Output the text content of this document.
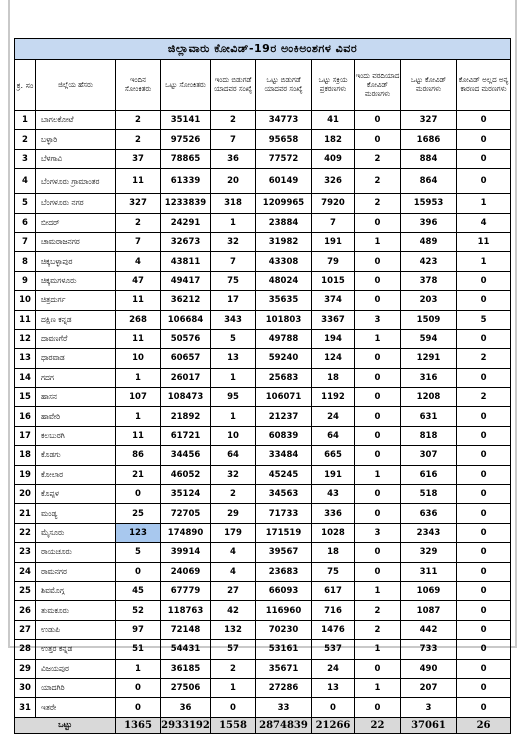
ಜಿಲ್ಲಾವಾರು ಕೋವಿಡ್-19ರ ಅಂಕಿಅಂಶಗಳ ವಿವರ									
ಕ್ರ. ಸಂ	ಜಿಲ್ಲೆಯ ಹೆಸರು	ಇಂದಿನ ಸೋಂಕಿತರು	ಒಟ್ಟು ಸೋಂಕಿತರು	ಇಂದು ಬಿಡುಗಡೆ ಯಾದವರ ಸಂಖ್ಯೆ	ಒಟ್ಟು ಬಿಡುಗಡೆ ಯಾದವರ ಸಂಖ್ಯೆ	ಒಟ್ಟು ಸಕ್ರಿಯ ಪ್ರಕರಣಗಳು	ಇಂದು ವರದಿಯಾದ ಕೋವಿಡ್ ಮರಣಗಳು	ಒಟ್ಟು ಕೋವಿಡ್ ಮರಣಗಳು	ಕೋವಿಡ್ ಅಲ್ಲದ ಅನ್ಯ ಕಾರಣದ ಮರಣಗಳು
1	ಬಾಗಲಕೋಟೆ	2	35141	2	34773	41	0	327	0
2	ಬಳ್ಳಾರಿ	2	97526	7	95658	182	0	1686	0
3	ಬೆಳಗಾವಿ	37	78865	36	77572	409	2	884	0
4	ಬೆಂಗಳೂರು ಗ್ರಾಮಾಂತರ	11	61339	20	60149	326	2	864	0
5	ಬೆಂಗಳೂರು ನಗರ	327	1233839	318	1209965	7920	2	15953	1
6	ಬೀದರ್	2	24291	1	23884	7	0	396	4
7	ಚಾಮರಾಜನಗರ	7	32673	32	31982	191	1	489	11
8	ಚಿಕ್ಕಬಳ್ಳಾಪುರ	4	43811	7	43308	79	0	423	1
9	ಚಿಕ್ಕಮಗಳೂರು	47	49417	75	48024	1015	0	378	0
10	ಚಿತ್ರದುರ್ಗ	11	36212	17	35635	374	0	203	0
11	ದಕ್ಷಿಣ ಕನ್ನಡ	268	106684	343	101803	3367	3	1509	5
12	ದಾವಣಗೆರೆ	11	50576	5	49788	194	1	594	0
13	ಧಾರವಾಡ	10	60657	13	59240	124	0	1291	2
14	ಗದಗ	1	26017	1	25683	18	0	316	0
15	ಹಾಸನ	107	108473	95	106071	1192	0	1208	2
16	ಹಾವೇರಿ	1	21892	1	21237	24	0	631	0
17	ಕಲಬುರಗಿ	11	61721	10	60839	64	0	818	0
18	ಕೊಡಗು	86	34456	64	33484	665	0	307	0
19	ಕೋಲಾರ	21	46052	32	45245	191	1	616	0
20	ಕೊಪ್ಪಳ	0	35124	2	34563	43	0	518	0
21	ಮಂಡ್ಯ	25	72705	29	71733	336	0	636	0
22	ಮೈಸೂರು	123	174890	179	171519	1028	3	2343	0
23	ರಾಯಚೂರು	5	39914	4	39567	18	0	329	0
24	ರಾಮನಗರ	0	24069	4	23683	75	0	311	0
25	ಶಿವಮೊಗ್ಗ	45	67779	27	66093	617	1	1069	0
26	ತುಮಕೂರು	52	118763	42	116960	716	2	1087	0
27	ಉಡುಪಿ	97	72148	132	70230	1476	2	442	0
28	ಉತ್ತರ ಕನ್ನಡ	51	54431	57	53161	537	1	733	0
29	ವಿಜಯಪುರ	1	36185	2	35671	24	0	490	0
30	ಯಾದಗಿರಿ	0	27506	1	27286	13	1	207	0
31	ಇತರೇ	0	36	0	33	0	0	3	0
ಒಟ್ಟು		1365	2933192	1558	2874839	21266	22	37061	26
